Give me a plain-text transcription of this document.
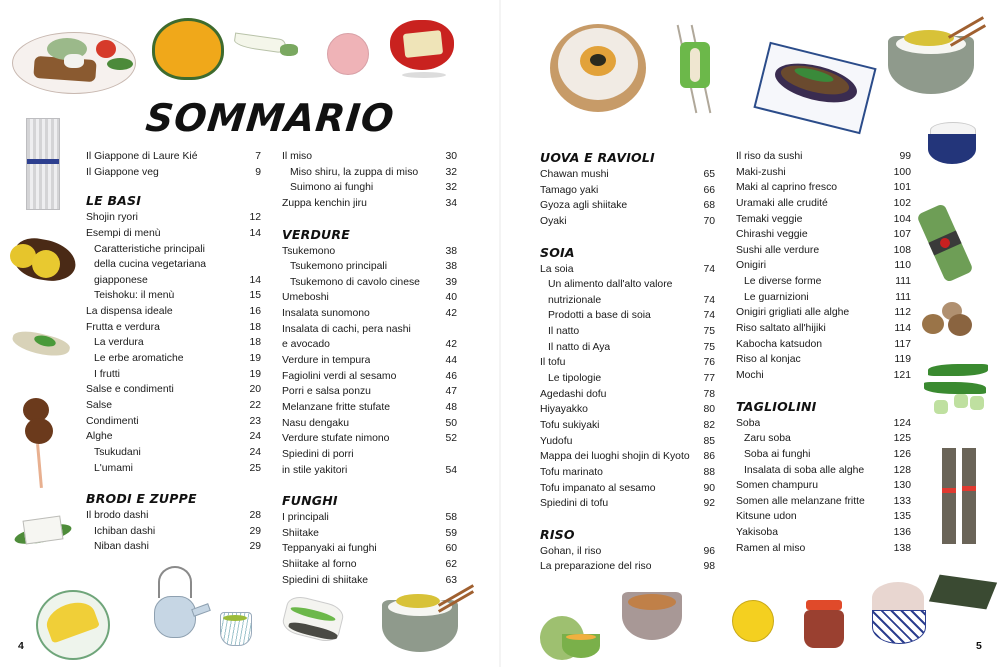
SOMMARIO
Il Giappone di Laure Kié	7
Il Giappone veg	9
LE BASI
Shojin ryori	12
Esempi di menù	14
Caratteristiche principali
della cucina vegetariana
giapponese	14
Teishoku: il menù	15
La dispensa ideale	16
Frutta e verdura	18
La verdura	18
Le erbe aromatiche	19
I frutti	19
Salse e condimenti	20
Salse	22
Condimenti	23
Alghe	24
Tsukudani	24
L'umami	25
BRODI E ZUPPE
Il brodo dashi	28
Ichiban dashi	29
Niban dashi	29
Il miso	30
Miso shiru, la zuppa di miso	32
Suimono ai funghi	32
Zuppa kenchin jiru	34
VERDURE
Tsukemono	38
Tsukemono principali	38
Tsukemono di cavolo cinese	39
Umeboshi	40
Insalata sunomono	42
Insalata di cachi, pera nashi
e avocado	42
Verdure in tempura	44
Fagiolini verdi al sesamo	46
Porri e salsa ponzu	47
Melanzane fritte stufate	48
Nasu dengaku	50
Verdure stufate nimono	52
Spiedini di porri
in stile yakitori	54
FUNGHI
I principali	58
Shiitake	59
Teppanyaki ai funghi	60
Shiitake al forno	62
Spiedini di shiitake	63
UOVA E RAVIOLI
Chawan mushi	65
Tamago yaki	66
Gyoza agli shiitake	68
Oyaki	70
SOIA
La soia	74
Un alimento dall'alto valore
nutrizionale	74
Prodotti a base di soia	74
Il natto	75
Il natto di Aya	75
Il tofu	76
Le tipologie	77
Agedashi dofu	78
Hiyayakko	80
Tofu sukiyaki	82
Yudofu	85
Mappa dei luoghi shojin di Kyoto	86
Tofu marinato	88
Tofu impanato al sesamo	90
Spiedini di tofu	92
RISO
Gohan, il riso	96
La preparazione del riso	98
Il riso da sushi	99
Maki-zushi	100
Maki al caprino fresco	101
Uramaki alle crudité	102
Temaki veggie	104
Chirashi veggie	107
Sushi alle verdure	108
Onigiri	110
Le diverse forme	111
Le guarnizioni	111
Onigiri grigliati alle alghe	112
Riso saltato all'hijiki	114
Kabocha katsudon	117
Riso al konjac	119
Mochi	121
TAGLIOLINI
Soba	124
Zaru soba	125
Soba ai funghi	126
Insalata di soba alle alghe	128
Somen champuru	130
Somen alle melanzane fritte	133
Kitsune udon	135
Yakisoba	136
Ramen al miso	138
4	5
